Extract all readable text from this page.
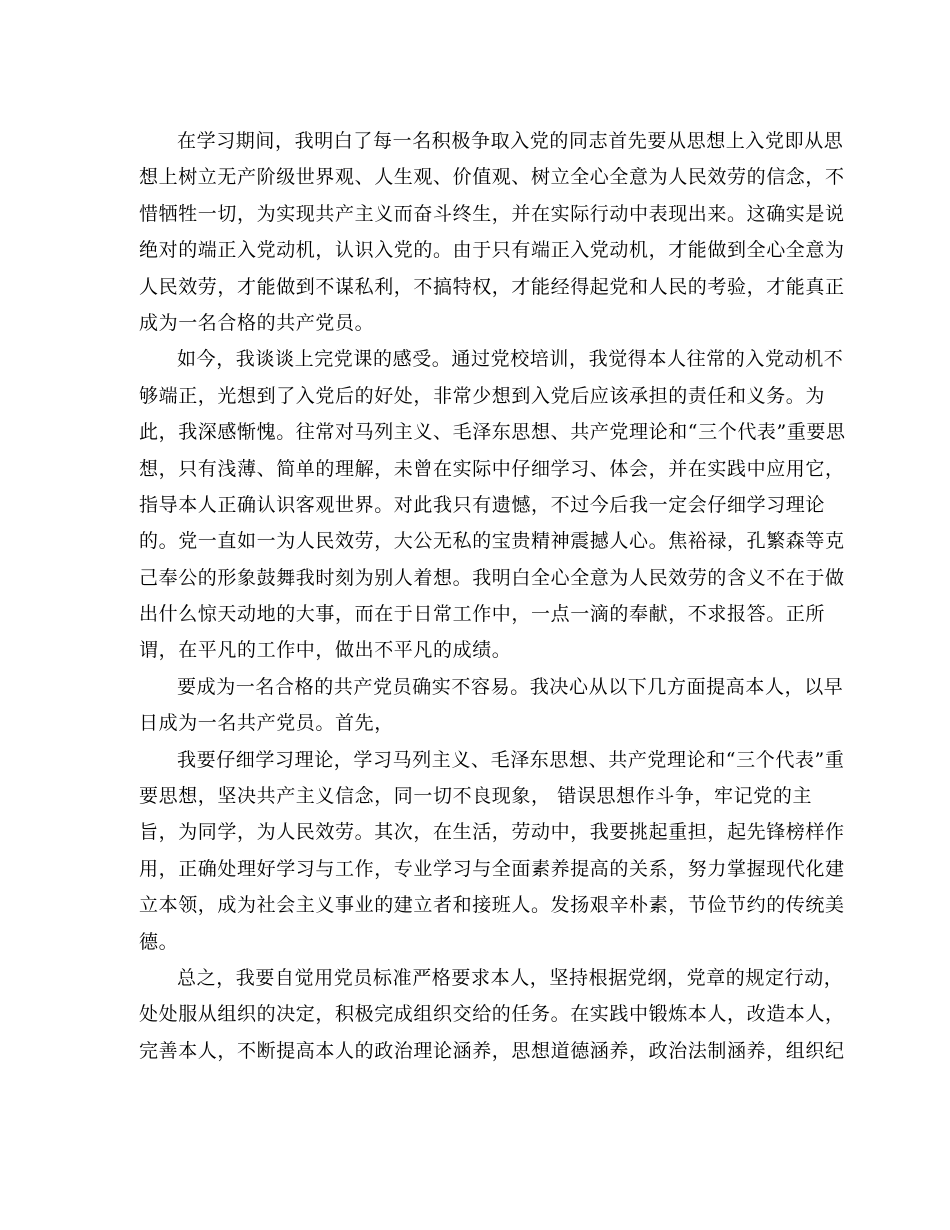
在学习期间，我明白了每一名积极争取入党的同志首先要从思想上入党即从思
想上树立无产阶级世界观、人生观、价值观、树立全心全意为人民效劳的信念，不
惜牺牲一切，为实现共产主义而奋斗终生，并在实际行动中表现出来。这确实是说
绝对的端正入党动机，认识入党的。由于只有端正入党动机，才能做到全心全意为
人民效劳，才能做到不谋私利，不搞特权，才能经得起党和人民的考验，才能真正
成为一名合格的共产党员。
如今，我谈谈上完党课的感受。通过党校培训，我觉得本人往常的入党动机不
够端正，光想到了入党后的好处，非常少想到入党后应该承担的责任和义务。为
此，我深感惭愧。往常对马列主义、毛泽东思想、共产党理论和“三个代表”重要思
想，只有浅薄、简单的理解，未曾在实际中仔细学习、体会，并在实践中应用它，
指导本人正确认识客观世界。对此我只有遗憾，不过今后我一定会仔细学习理论
的。党一直如一为人民效劳，大公无私的宝贵精神震撼人心。焦裕禄，孔繁森等克
己奉公的形象鼓舞我时刻为别人着想。我明白全心全意为人民效劳的含义不在于做
出什么惊天动地的大事，而在于日常工作中，一点一滴的奉献，不求报答。正所
谓，在平凡的工作中，做出不平凡的成绩。
要成为一名合格的共产党员确实不容易。我决心从以下几方面提高本人，以早
日成为一名共产党员。首先，
我要仔细学习理论，学习马列主义、毛泽东思想、共产党理论和“三个代表”重
要思想，坚决共产主义信念，同一切不良现象， 错误思想作斗争，牢记党的主
旨，为同学，为人民效劳。其次，在生活，劳动中，我要挑起重担，起先锋榜样作
用，正确处理好学习与工作，专业学习与全面素养提高的关系，努力掌握现代化建
立本领，成为社会主义事业的建立者和接班人。发扬艰辛朴素，节俭节约的传统美
德。
总之，我要自觉用党员标准严格要求本人，坚持根据党纲，党章的规定行动，
处处服从组织的决定，积极完成组织交给的任务。在实践中锻炼本人，改造本人，
完善本人，不断提高本人的政治理论涵养，思想道德涵养，政治法制涵养，组织纪
